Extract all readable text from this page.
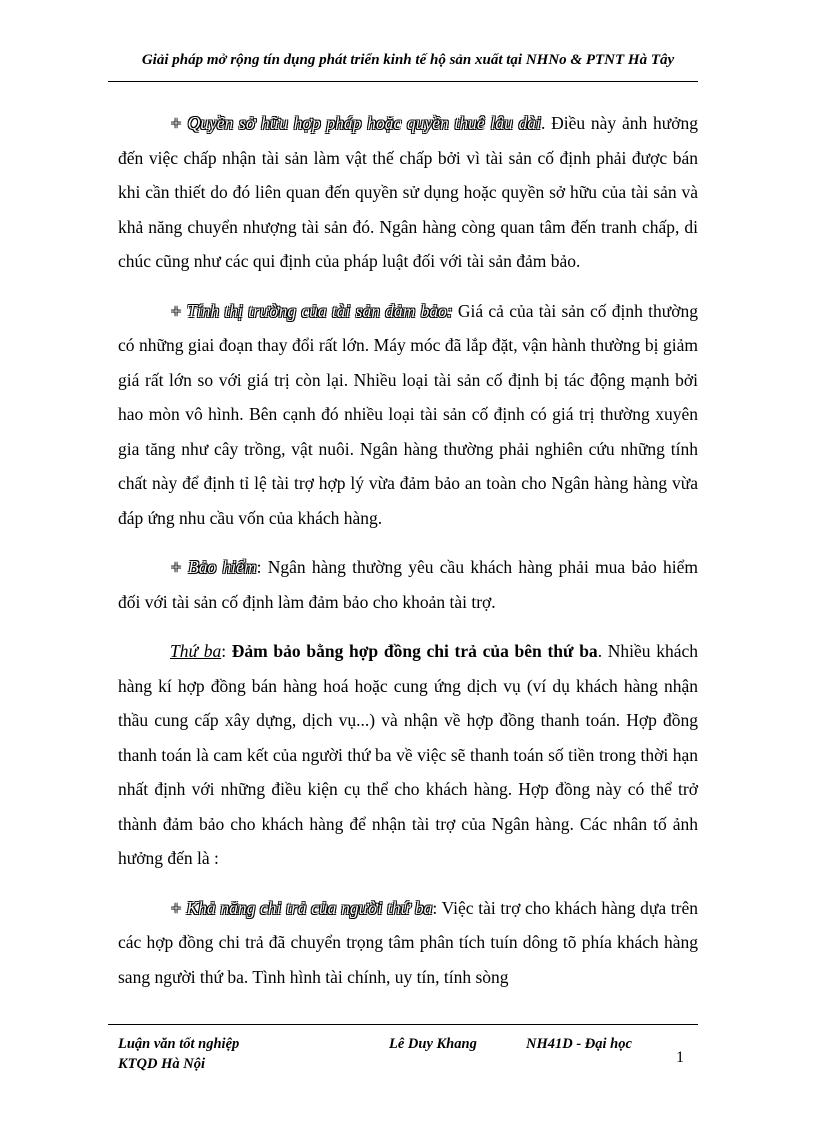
Giải pháp mở rộng tín dụng phát triển kinh tế hộ sản xuất tại NHNo & PTNT Hà Tây

+ Quyền sở hữu hợp pháp hoặc quyền thuê lâu dài. Điều này ảnh hưởng đến việc chấp nhận tài sản làm vật thế chấp bởi vì tài sản cố định phải được bán khi cần thiết do đó liên quan đến quyền sử dụng hoặc quyền sở hữu của tài sản và khả năng chuyển nhượng tài sản đó. Ngân hàng còng quan tâm đến tranh chấp, di chúc cũng như các qui định của pháp luật đối với tài sản đảm bảo.

+ Tính thị trường của tài sản đảm bảo: Giá cả của tài sản cố định thường có những giai đoạn thay đổi rất lớn. Máy móc đã lắp đặt, vận hành thường bị giảm giá rất lớn so với giá trị còn lại. Nhiều loại tài sản cố định bị tác động mạnh bởi hao mòn vô hình. Bên cạnh đó nhiều loại tài sản cố định có giá trị thường xuyên gia tăng như cây trồng, vật nuôi. Ngân hàng thường phải nghiên cứu những tính chất này để định tỉ lệ tài trợ hợp lý vừa đảm bảo an toàn cho Ngân hàng hàng vừa đáp ứng nhu cầu vốn của khách hàng.

+ Bảo hiểm: Ngân hàng thường yêu cầu khách hàng phải mua bảo hiểm đối với tài sản cố định làm đảm bảo cho khoản tài trợ.

Thứ ba: Đảm bảo bằng hợp đồng chi trả của bên thứ ba. Nhiều khách hàng kí hợp đồng bán hàng hoá hoặc cung ứng dịch vụ (ví dụ khách hàng nhận thầu cung cấp xây dựng, dịch vụ...) và nhận về hợp đồng thanh toán. Hợp đồng thanh toán là cam kết của người thứ ba về việc sẽ thanh toán số tiền trong thời hạn nhất định với những điều kiện cụ thể cho khách hàng. Hợp đồng này có thể trở thành đảm bảo cho khách hàng để nhận tài trợ của Ngân hàng. Các nhân tố ảnh hưởng đến là :

+ Khả năng chi trả của người thứ ba: Việc tài trợ cho khách hàng dựa trên các hợp đồng chi trả đã chuyển trọng tâm phân tích tuín dông tõ phía khách hàng sang người thứ ba. Tình hình tài chính, uy tín, tính sòng

Luận văn tốt nghiệp
KTQD Hà Nội
Lê Duy Khang	NH41D - Đại học
1
